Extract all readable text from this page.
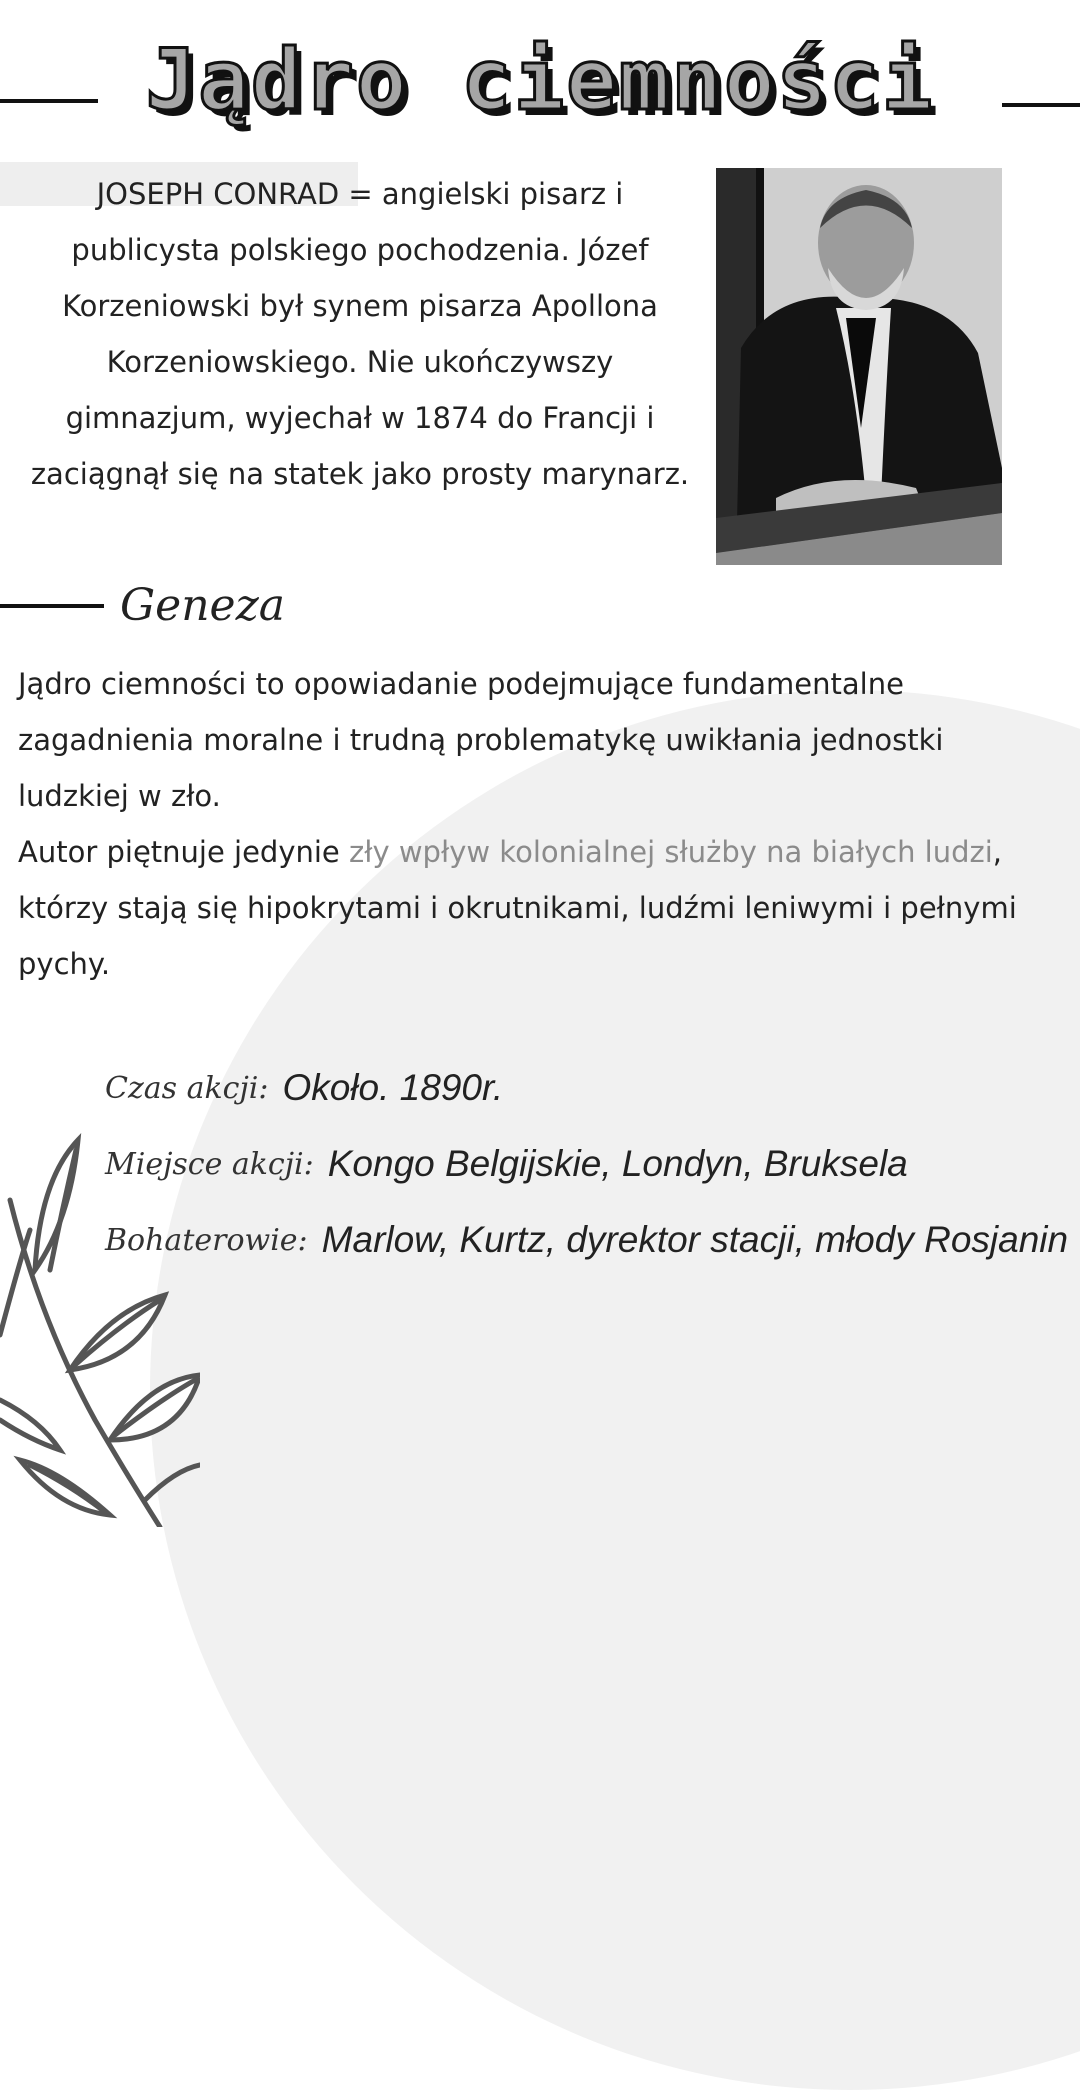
Jądro ciemności
JOSEPH CONRAD = angielski pisarz i publicysta polskiego pochodzenia. Józef Korzeniowski był synem pisarza Apollona Korzeniowskiego. Nie ukończywszy gimnazjum, wyjechał w 1874 do Francji i zaciągnął się na statek jako prosty marynarz.
Geneza

Jądro ciemności to opowiadanie podejmujące fundamentalne zagadnienia moralne i trudną problematykę uwikłania jednostki ludzkiej w zło.

Autor piętnuje jedynie zły wpływ kolonialnej służby na białych ludzi, którzy stają się hipokrytami i okrutnikami, ludźmi leniwymi i pełnymi pychy.

Czas akcji: Około. 1890r.
Miejsce akcji: Kongo Belgijskie, Londyn, Bruksela
Bohaterowie: Marlow, Kurtz, dyrektor stacji, młody Rosjanin
